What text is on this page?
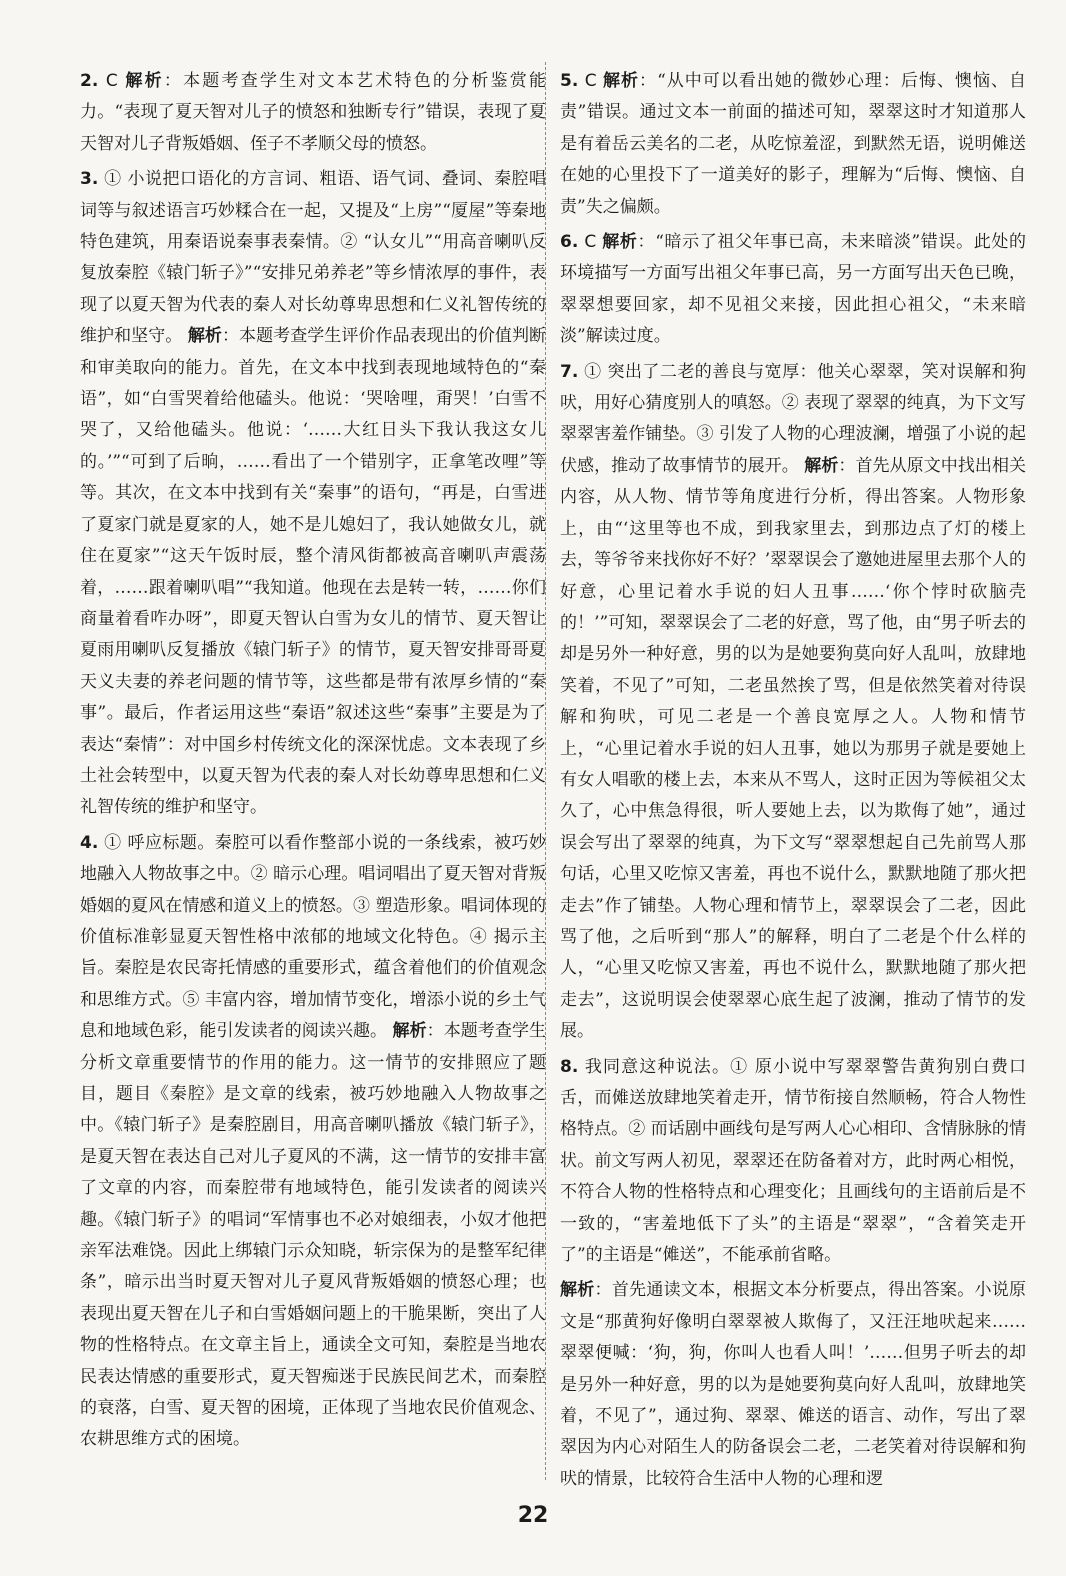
2. C 解析：本题考查学生对文本艺术特色的分析鉴赏能力。“表现了夏天智对儿子的愤怒和独断专行”错误，表现了夏天智对儿子背叛婚姻、侄子不孝顺父母的愤怒。
3. ① 小说把口语化的方言词、粗语、语气词、叠词、秦腔唱词等与叙述语言巧妙糅合在一起，又提及“上房”“厦屋”等秦地特色建筑，用秦语说秦事表秦情。② “认女儿”“用高音喇叭反复放秦腔《辕门斩子》”“安排兄弟养老”等乡情浓厚的事件，表现了以夏天智为代表的秦人对长幼尊卑思想和仁义礼智传统的维护和坚守。 解析：本题考查学生评价作品表现出的价值判断和审美取向的能力。首先，在文本中找到表现地域特色的“秦语”，如“白雪哭着给他磕头。他说：‘哭啥哩，甭哭！’白雪不哭了，又给他磕头。他说：‘……大红日头下我认我这女儿的。’”“可到了后晌，……看出了一个错别字，正拿笔改哩”等等。其次，在文本中找到有关“秦事”的语句，“再是，白雪进了夏家门就是夏家的人，她不是儿媳妇了，我认她做女儿，就住在夏家”“这天午饭时辰，整个清风街都被高音喇叭声震荡着，……跟着喇叭唱”“我知道。他现在去是转一转，……你们商量着看咋办呀”，即夏天智认白雪为女儿的情节、夏天智让夏雨用喇叭反复播放《辕门斩子》的情节，夏天智安排哥哥夏天义夫妻的养老问题的情节等，这些都是带有浓厚乡情的“秦事”。最后，作者运用这些“秦语”叙述这些“秦事”主要是为了表达“秦情”：对中国乡村传统文化的深深忧虑。文本表现了乡土社会转型中，以夏天智为代表的秦人对长幼尊卑思想和仁义礼智传统的维护和坚守。
4. ① 呼应标题。秦腔可以看作整部小说的一条线索，被巧妙地融入人物故事之中。② 暗示心理。唱词唱出了夏天智对背叛婚姻的夏风在情感和道义上的愤怒。③ 塑造形象。唱词体现的价值标准彰显夏天智性格中浓郁的地域文化特色。④ 揭示主旨。秦腔是农民寄托情感的重要形式，蕴含着他们的价值观念和思维方式。⑤ 丰富内容，增加情节变化，增添小说的乡土气息和地域色彩，能引发读者的阅读兴趣。 解析：本题考查学生分析文章重要情节的作用的能力。这一情节的安排照应了题目，题目《秦腔》是文章的线索，被巧妙地融入人物故事之中。《辕门斩子》是秦腔剧目，用高音喇叭播放《辕门斩子》，是夏天智在表达自己对儿子夏风的不满，这一情节的安排丰富了文章的内容，而秦腔带有地域特色，能引发读者的阅读兴趣。《辕门斩子》的唱词“军情事也不必对娘细表，小奴才他把亲军法难饶。因此上绑辕门示众知晓，斩宗保为的是整军纪律条”，暗示出当时夏天智对儿子夏风背叛婚姻的愤怒心理；也表现出夏天智在儿子和白雪婚姻问题上的干脆果断，突出了人物的性格特点。在文章主旨上，通读全文可知，秦腔是当地农民表达情感的重要形式，夏天智痴迷于民族民间艺术，而秦腔的衰落，白雪、夏天智的困境，正体现了当地农民价值观念、农耕思维方式的困境。
5. C 解析：“从中可以看出她的微妙心理：后悔、懊恼、自责”错误。通过文本一前面的描述可知，翠翠这时才知道那人是有着岳云美名的二老，从吃惊羞涩，到默然无语，说明傩送在她的心里投下了一道美好的影子，理解为“后悔、懊恼、自责”失之偏颇。
6. C 解析：“暗示了祖父年事已高，未来暗淡”错误。此处的环境描写一方面写出祖父年事已高，另一方面写出天色已晚，翠翠想要回家，却不见祖父来接，因此担心祖父，“未来暗淡”解读过度。
7. ① 突出了二老的善良与宽厚：他关心翠翠，笑对误解和狗吠，用好心猜度别人的嗔怒。② 表现了翠翠的纯真，为下文写翠翠害羞作铺垫。③ 引发了人物的心理波澜，增强了小说的起伏感，推动了故事情节的展开。 解析：首先从原文中找出相关内容，从人物、情节等角度进行分析，得出答案。人物形象上，由“‘这里等也不成，到我家里去，到那边点了灯的楼上去，等爷爷来找你好不好？’翠翠误会了邀她进屋里去那个人的好意，心里记着水手说的妇人丑事……‘你个悖时砍脑壳的！’”可知，翠翠误会了二老的好意，骂了他，由“男子听去的却是另外一种好意，男的以为是她要狗莫向好人乱叫，放肆地笑着，不见了”可知，二老虽然挨了骂，但是依然笑着对待误解和狗吠，可见二老是一个善良宽厚之人。人物和情节上，“心里记着水手说的妇人丑事，她以为那男子就是要她上有女人唱歌的楼上去，本来从不骂人，这时正因为等候祖父太久了，心中焦急得很，听人要她上去，以为欺侮了她”，通过误会写出了翠翠的纯真，为下文写“翠翠想起自己先前骂人那句话，心里又吃惊又害羞，再也不说什么，默默地随了那火把走去”作了铺垫。人物心理和情节上，翠翠误会了二老，因此骂了他，之后听到“那人”的解释，明白了二老是个什么样的人，“心里又吃惊又害羞，再也不说什么，默默地随了那火把走去”，这说明误会使翠翠心底生起了波澜，推动了情节的发展。
8. 我同意这种说法。① 原小说中写翠翠警告黄狗别白费口舌，而傩送放肆地笑着走开，情节衔接自然顺畅，符合人物性格特点。② 而话剧中画线句是写两人心心相印、含情脉脉的情状。前文写两人初见，翠翠还在防备着对方，此时两心相悦，不符合人物的性格特点和心理变化；且画线句的主语前后是不一致的，“害羞地低下了头”的主语是“翠翠”，“含着笑走开了”的主语是“傩送”，不能承前省略。
解析：首先通读文本，根据文本分析要点，得出答案。小说原文是“那黄狗好像明白翠翠被人欺侮了，又汪汪地吠起来……翠翠便喊：‘狗，狗，你叫人也看人叫！’……但男子听去的却是另外一种好意，男的以为是她要狗莫向好人乱叫，放肆地笑着，不见了”，通过狗、翠翠、傩送的语言、动作，写出了翠翠因为内心对陌生人的防备误会二老，二老笑着对待误解和狗吠的情景，比较符合生活中人物的心理和逻
22
